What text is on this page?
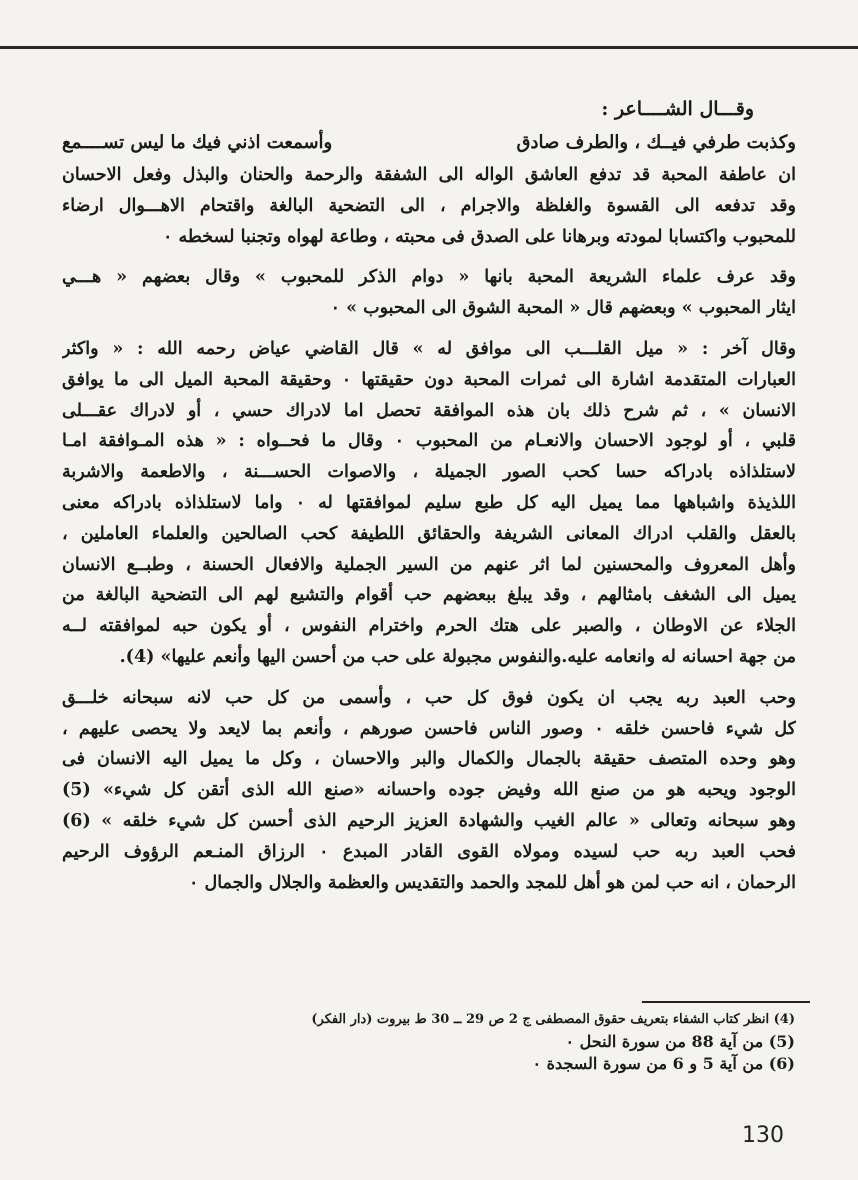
وقـــال الشــــاعر :
وكذبت طرفي فيــك ، والطرف صادق
وأسمعت اذني فيك ما ليس تســــمع
ان عاطفة المحبة قد تدفع العاشق الواله الى الشفقة والرحمة والحنان والبذل وفعل الاحسان
وقد تدفعه الى القسوة والغلظة والاجرام ، الى التضحية البالغة واقتحام الاهـــوال ارضاء
للمحبوب واكتسابا لمودته وبرهانا على الصدق فى محبته ، وطاعة لهواه وتجنبا لسخطه ٠
وقد عرف علماء الشريعة المحبة بانها « دوام الذكر للمحبوب » وقال بعضهم « هـــي
ايثار المحبوب » وبعضهم قال « المحبة الشوق الى المحبوب » ٠
وقال آخر : « ميل القلـــب الى موافق له » قال القاضي عياض رحمه الله : « واكثر
العبارات المتقدمة اشارة الى ثمرات المحبة دون حقيقتها ٠ وحقيقة المحبة الميل الى ما يوافق
الانسان » ، ثم شرح ذلك بان هذه الموافقة تحصل اما لادراك حسي ، أو لادراك عقـــلى
قلبي ، أو لوجود الاحسان والانعـام من المحبوب ٠ وقال ما فحــواه : « هذه المـوافقة امـا
لاستلذاذه بادراكه حسا كحب الصور الجميلة ، والاصوات الحســـنة ، والاطعمة والاشربة
اللذيذة واشباهها مما يميل اليه كل طبع سليم لموافقتها له ٠ واما لاستلذاذه بادراكه معنى
بالعقل والقلب ادراك المعانى الشريفة والحقائق اللطيفة كحب الصالحين والعلماء العاملين ،
وأهل المعروف والمحسنين لما اثر عنهم من السير الجملية والافعال الحسنة ، وطبــع الانسان
يميل الى الشغف بامثالهم ، وقد يبلغ ببعضهم حب أقوام والتشيع لهم الى التضحية البالغة من
الجلاء عن الاوطان ، والصبر على هتك الحرم واخترام النفوس ، أو يكون حبه لموافقته لــه
من جهة احسانه له وانعامه عليه.والنفوس مجبولة على حب من أحسن اليها وأنعم عليها» (4).
وحب العبد ربه يجب ان يكون فوق كل حب ، وأسمى من كل حب لانه سبحانه خلـــق
كل شيء فاحسن خلقه ٠ وصور الناس فاحسن صورهم ، وأنعم بما لايعد ولا يحصى عليهم ،
وهو وحده المتصف حقيقة بالجمال والكمال والبر والاحسان ، وكل ما يميل اليه الانسان فى
الوجود ويحبه هو من صنع الله وفيض جوده واحسانه «صنع الله الذى أتقن كل شيء» (5)
وهو سبحانه وتعالى « عالم الغيب والشهادة العزيز الرحيم الذى أحسن كل شيء خلقه » (6)
فحب العبد ربه حب لسيده ومولاه القوى القادر المبدع ٠ الرزاق المنـعم الرؤوف الرحيم
الرحمان ، انه حب لمن هو أهل للمجد والحمد والتقديس والعظمة والجلال والجمال ٠
(4) انظر كتاب الشفاء بتعريف حقوق المصطفى ج 2 ص 29 ــ 30 ط بيروت (دار الفكر)
(5) من آية 88 من سورة النحل ٠
(6) من آية 5 و 6 من سورة السجدة ٠
130
